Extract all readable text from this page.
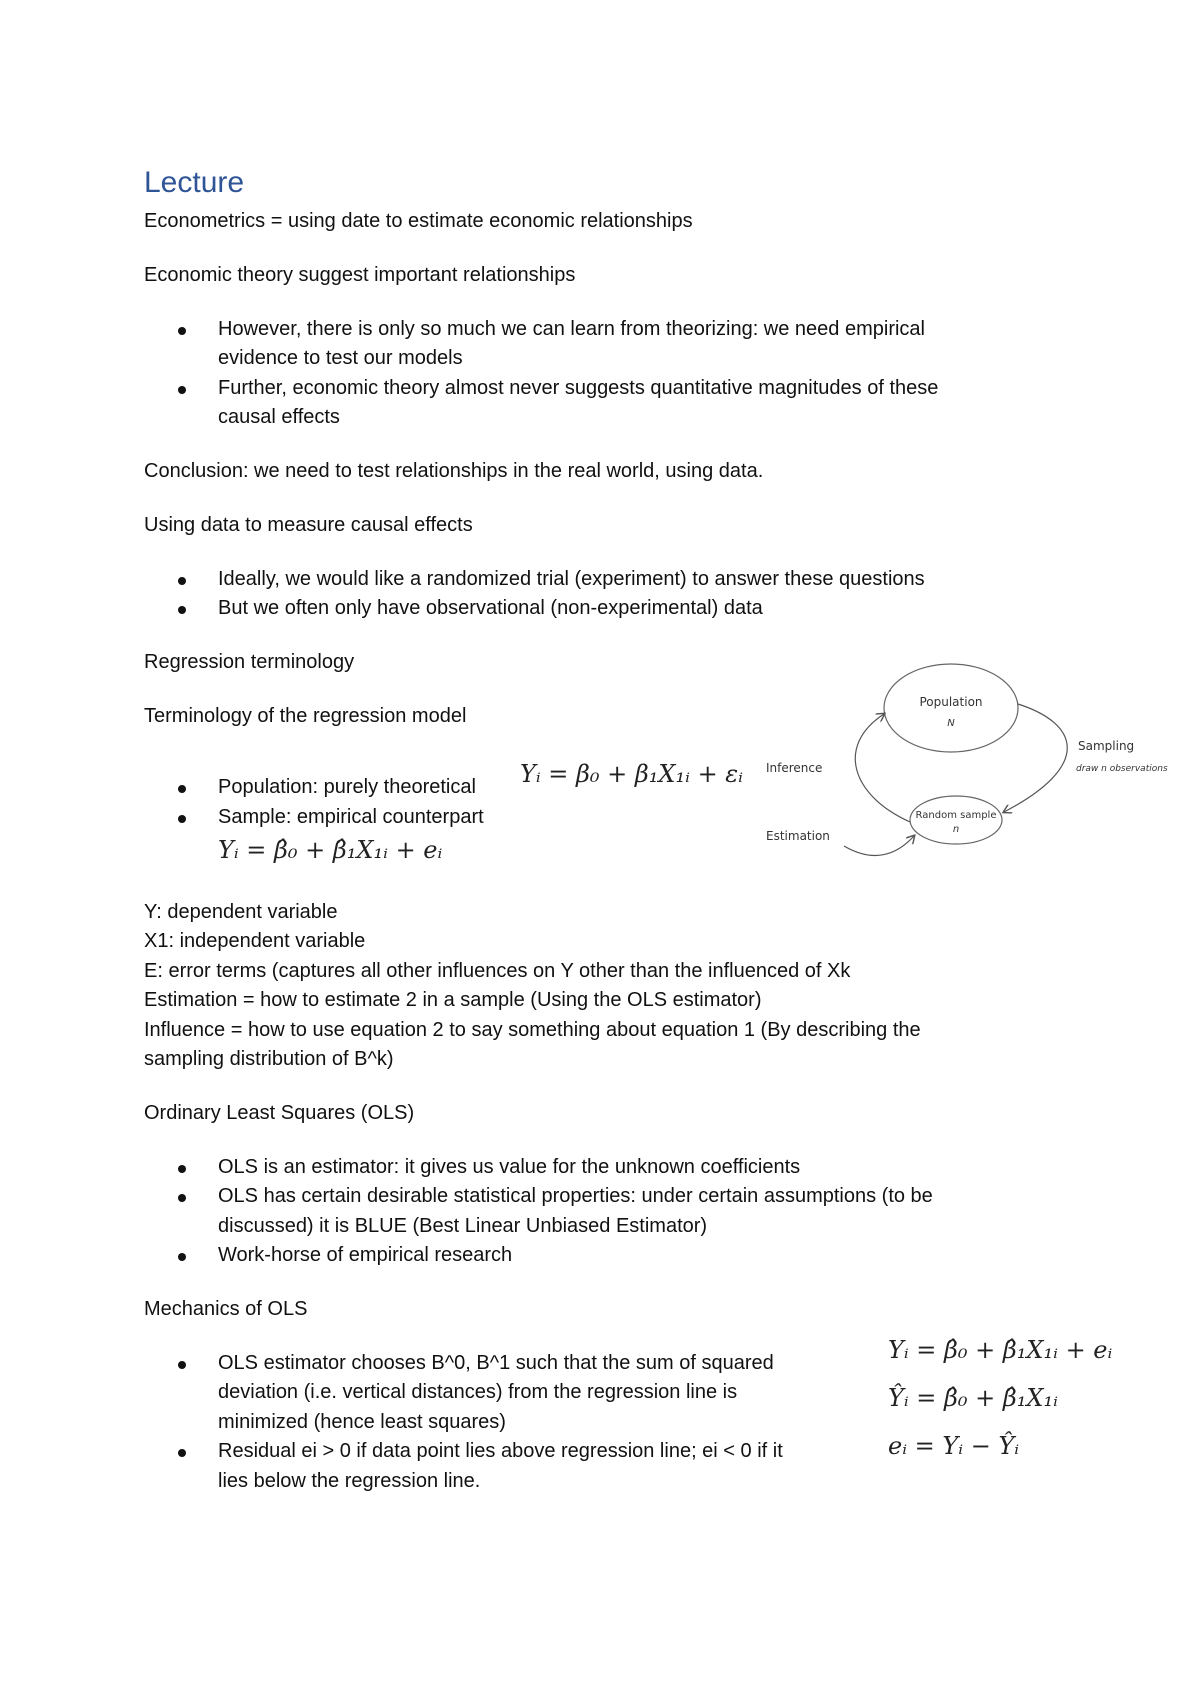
Lecture
Econometrics = using date to estimate economic relationships
Economic theory suggest important relationships
However, there is only so much we can learn from theorizing: we need empirical
evidence to test our models
Further, economic theory almost never suggests quantitative magnitudes of these
causal effects
Conclusion: we need to test relationships in the real world, using data.
Using data to measure causal effects
Ideally, we would like a randomized trial (experiment) to answer these questions
But we often only have observational (non-experimental) data
Regression terminology
Terminology of the regression model
Population: purely theoretical Yᵢ = β₀ + β₁X₁ᵢ + εᵢ
Sample: empirical counterpart
Yᵢ = β̂₀ + β̂₁X₁ᵢ + eᵢ
Population
N
Random sample
n
Inference
Sampling
draw n observations
Estimation
Y: dependent variable
X1: independent variable
E: error terms (captures all other influences on Y other than the influenced of Xk
Estimation = how to estimate 2 in a sample (Using the OLS estimator)
Influence = how to use equation 2 to say something about equation 1 (By describing the
sampling distribution of B^k)
Ordinary Least Squares (OLS)
OLS is an estimator: it gives us value for the unknown coefficients
OLS has certain desirable statistical properties: under certain assumptions (to be
discussed) it is BLUE (Best Linear Unbiased Estimator)
Work-horse of empirical research
Mechanics of OLS
OLS estimator chooses B^0, B^1 such that the sum of squared
deviation (i.e. vertical distances) from the regression line is
minimized (hence least squares)
Residual ei > 0 if data point lies above regression line; ei < 0 if it
lies below the regression line.
Yᵢ = β̂₀ + β̂₁X₁ᵢ + eᵢ
Ŷᵢ = β̂₀ + β̂₁X₁ᵢ
eᵢ = Yᵢ − Ŷᵢ
